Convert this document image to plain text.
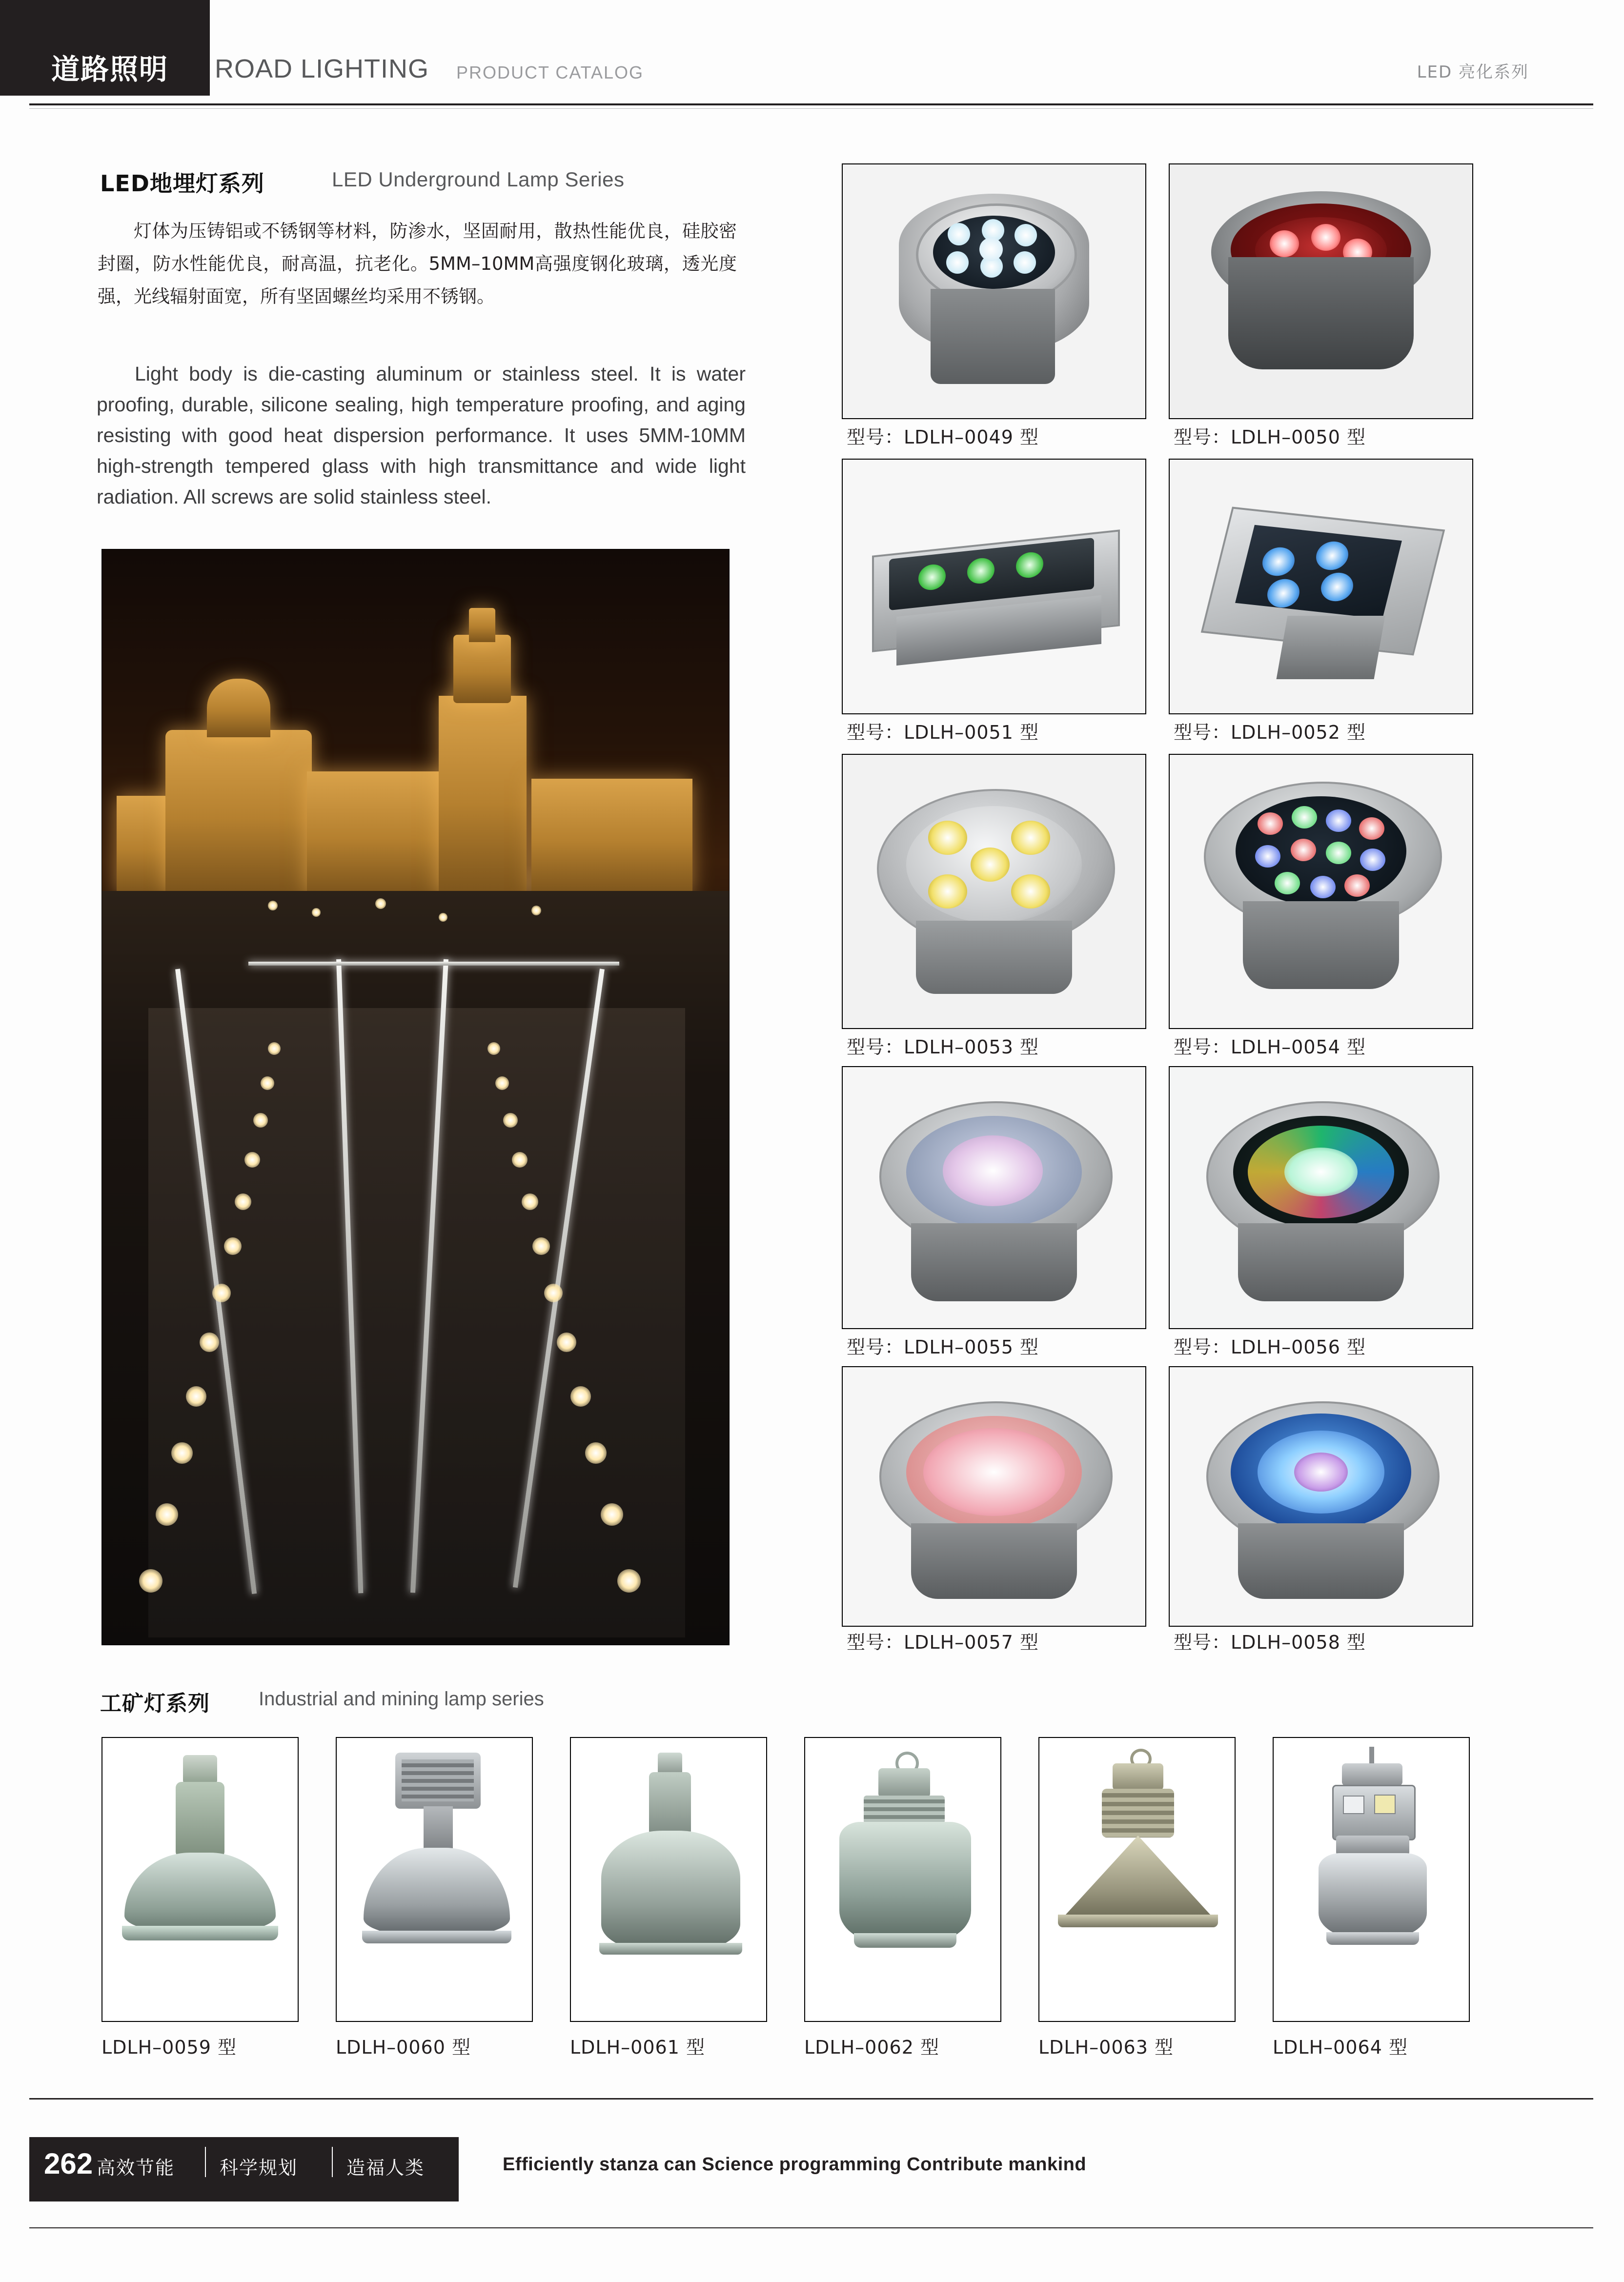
道路照明 / ROAD LIGHTING PRODUCT CATALOG	LED 亮化系列
LED地埋灯系列	LED Underground Lamp Series
灯体为压铸铝或不锈钢等材料，防渗水，坚固耐用，散热性能优良，硅胶密封圈，防水性能优良，耐高温，抗老化。5MM–10MM高强度钢化玻璃，透光度强，光线辐射面宽，所有坚固螺丝均采用不锈钢。
Light body is die-casting aluminum or stainless steel. It is water proofing, durable, silicone sealing, high temperature proofing, and aging resisting with good heat dispersion performance. It uses 5MM-10MM high-strength tempered glass with high transmittance and wide light radiation. All screws are solid stainless steel.
型号：LDLH–0049 型	型号：LDLH–0050 型
型号：LDLH–0051 型	型号：LDLH–0052 型
型号：LDLH–0053 型	型号：LDLH–0054 型
型号：LDLH–0055 型	型号：LDLH–0056 型
型号：LDLH–0057 型	型号：LDLH–0058 型
工矿灯系列	Industrial and mining lamp series
LDLH–0059 型	LDLH–0060 型	LDLH–0061 型	LDLH–0062 型	LDLH–0063 型	LDLH–0064 型
262 高效节能 科学规划	造福人类	Efficiently stanza can Science programming Contribute mankind
